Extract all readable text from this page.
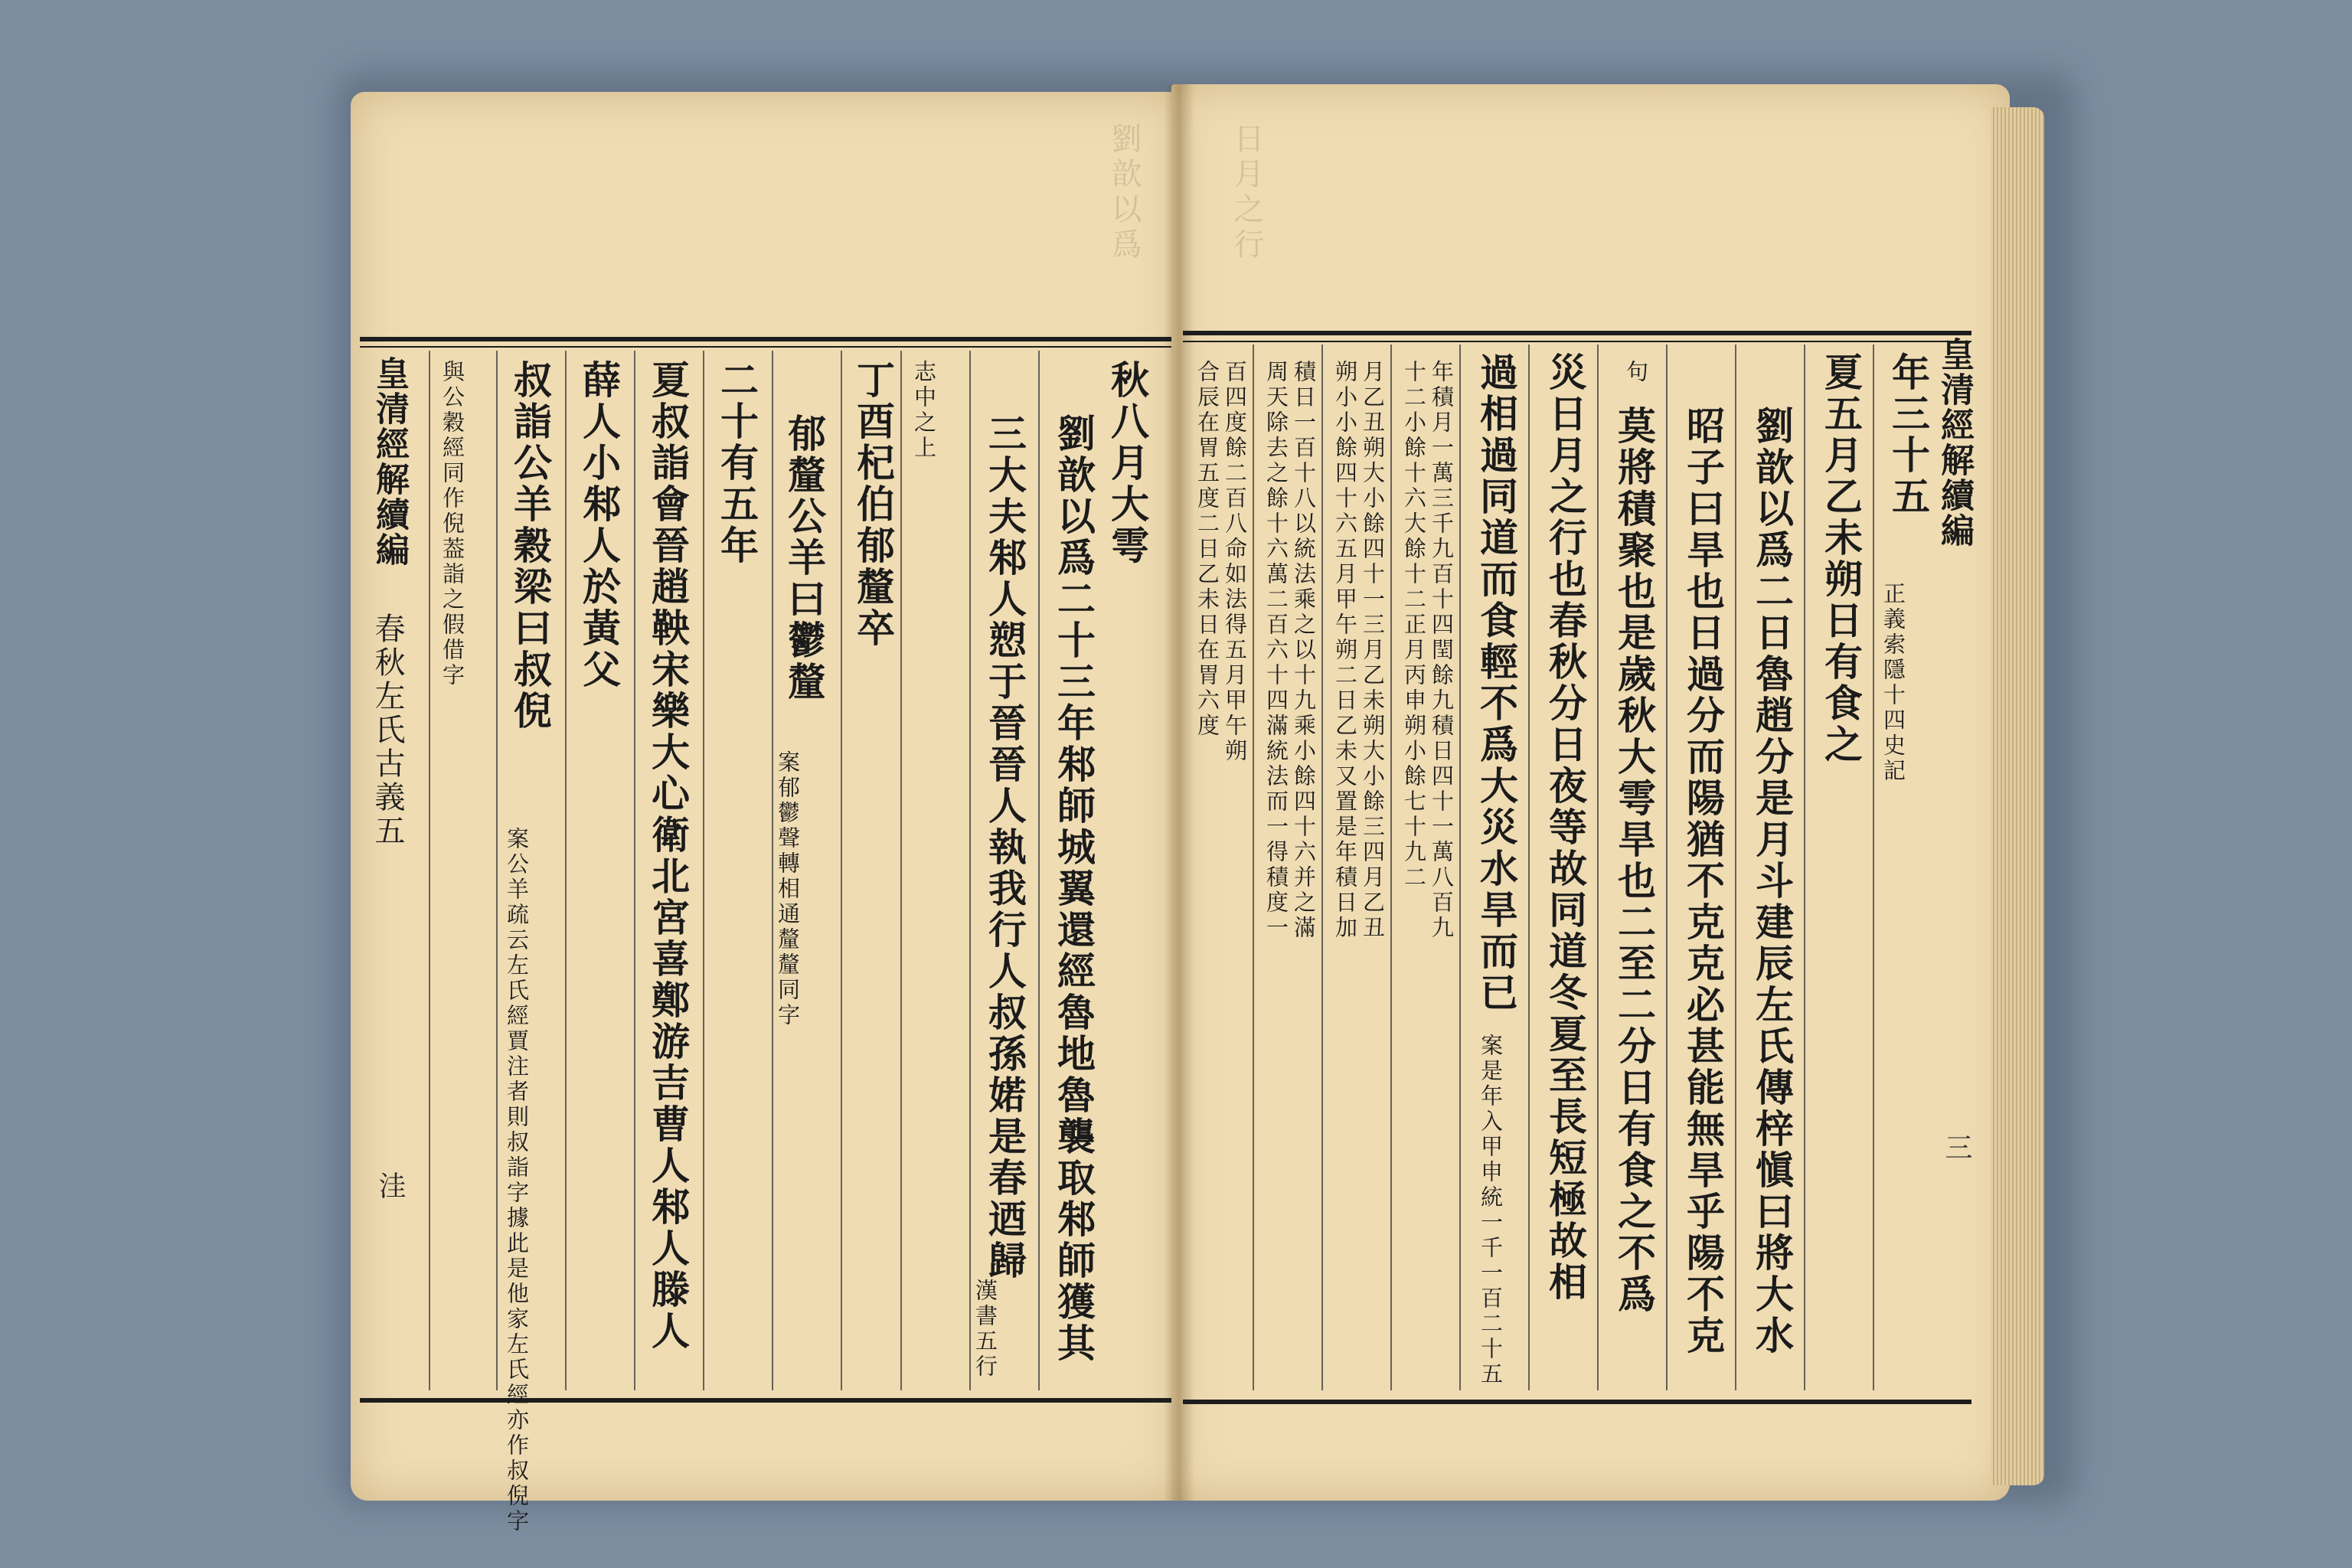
劉歆以爲	日月之行
皇清經解續編
春秋左氏古義五
洼
秋八月大雩
劉歆以爲二十三年邾師城翼還經魯地魯襲取邾師獲其
三大夫邾人愬于晉晉人執我行人叔孫婼是春迺歸
漢書五行
志中之上
丁酉杞伯郁釐卒
郁釐公羊曰鬱釐
案郁鬱聲轉相通釐釐同字
二十有五年
夏叔詣會晉趙鞅宋樂大心衛北宮喜鄭游吉曹人邾人滕人
薛人小邾人於黃父
叔詣公羊穀梁曰叔倪
案公羊疏云左氏經賈注者則叔詣字據此是他家左氏經亦作叔倪字
與公穀經同作倪葢詣之假借字	皇清經解續編
三
年三十五
正義索隱十四史記
夏五月乙未朔日有食之
劉歆以爲二日魯趙分是月斗建辰左氏傳梓愼曰將大水
昭子曰旱也日過分而陽猶不克克必甚能無旱乎陽不克
莫將積聚也是歲秋大雩旱也二至二分日有食之不爲
句
災日月之行也春秋分日夜等故同道冬夏至長短極故相
過相過同道而食輕不爲大災水旱而已
案是年入甲申統一千一百二十五
年積月一萬三千九百十四閏餘九積日四十一萬八百九
十二小餘十六大餘十二正月丙申朔小餘七十九二
月乙丑朔大小餘四十一三月乙未朔大小餘三四月乙丑
朔小小餘四十六五月甲午朔二日乙未又置是年積日加
積日一百十八以統法乘之以十九乘小餘四十六并之滿
周天除去之餘十六萬二百六十四滿統法而一得積度一
百四度餘二百八命如法得五月甲午朔
合辰在胃五度二日乙未日在胃六度
